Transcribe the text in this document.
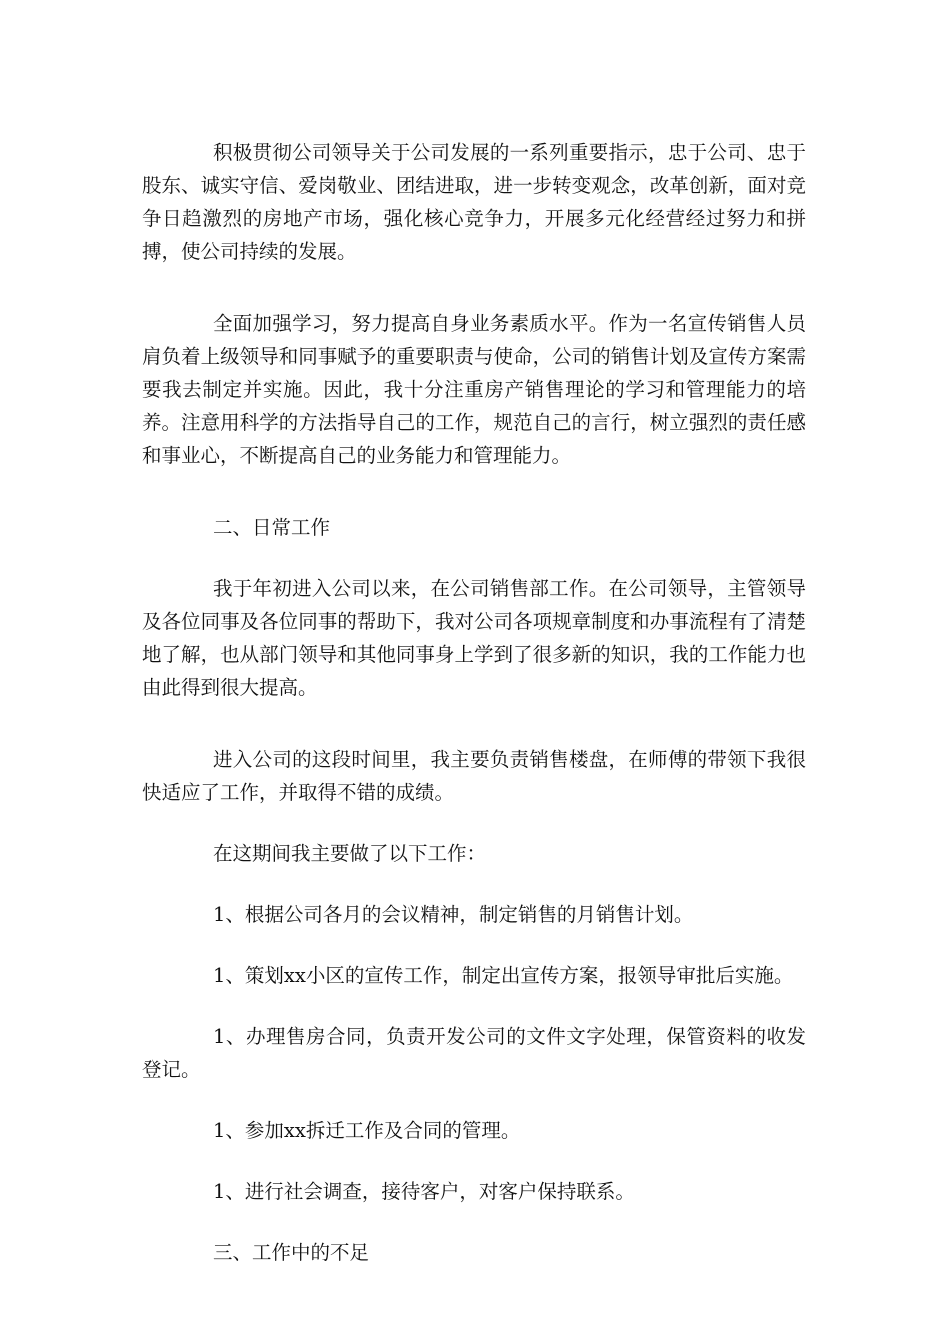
积极贯彻公司领导关于公司发展的一系列重要指示，忠于公司、忠于股东、诚实守信、爱岗敬业、团结进取，进一步转变观念，改革创新，面对竞争日趋激烈的房地产市场，强化核心竞争力，开展多元化经营经过努力和拼搏，使公司持续的发展。

全面加强学习，努力提高自身业务素质水平。作为一名宣传销售人员肩负着上级领导和同事赋予的重要职责与使命，公司的销售计划及宣传方案需要我去制定并实施。因此，我十分注重房产销售理论的学习和管理能力的培养。注意用科学的方法指导自己的工作，规范自己的言行，树立强烈的责任感和事业心，不断提高自己的业务能力和管理能力。

二、日常工作

我于年初进入公司以来，在公司销售部工作。在公司领导，主管领导及各位同事及各位同事的帮助下，我对公司各项规章制度和办事流程有了清楚地了解，也从部门领导和其他同事身上学到了很多新的知识，我的工作能力也由此得到很大提高。

进入公司的这段时间里，我主要负责销售楼盘，在师傅的带领下我很快适应了工作，并取得不错的成绩。

在这期间我主要做了以下工作：

1、根据公司各月的会议精神，制定销售的月销售计划。

1、策划xx小区的宣传工作，制定出宣传方案，报领导审批后实施。

1、办理售房合同，负责开发公司的文件文字处理，保管资料的收发登记。

1、参加xx拆迁工作及合同的管理。

1、进行社会调查，接待客户，对客户保持联系。

三、工作中的不足
